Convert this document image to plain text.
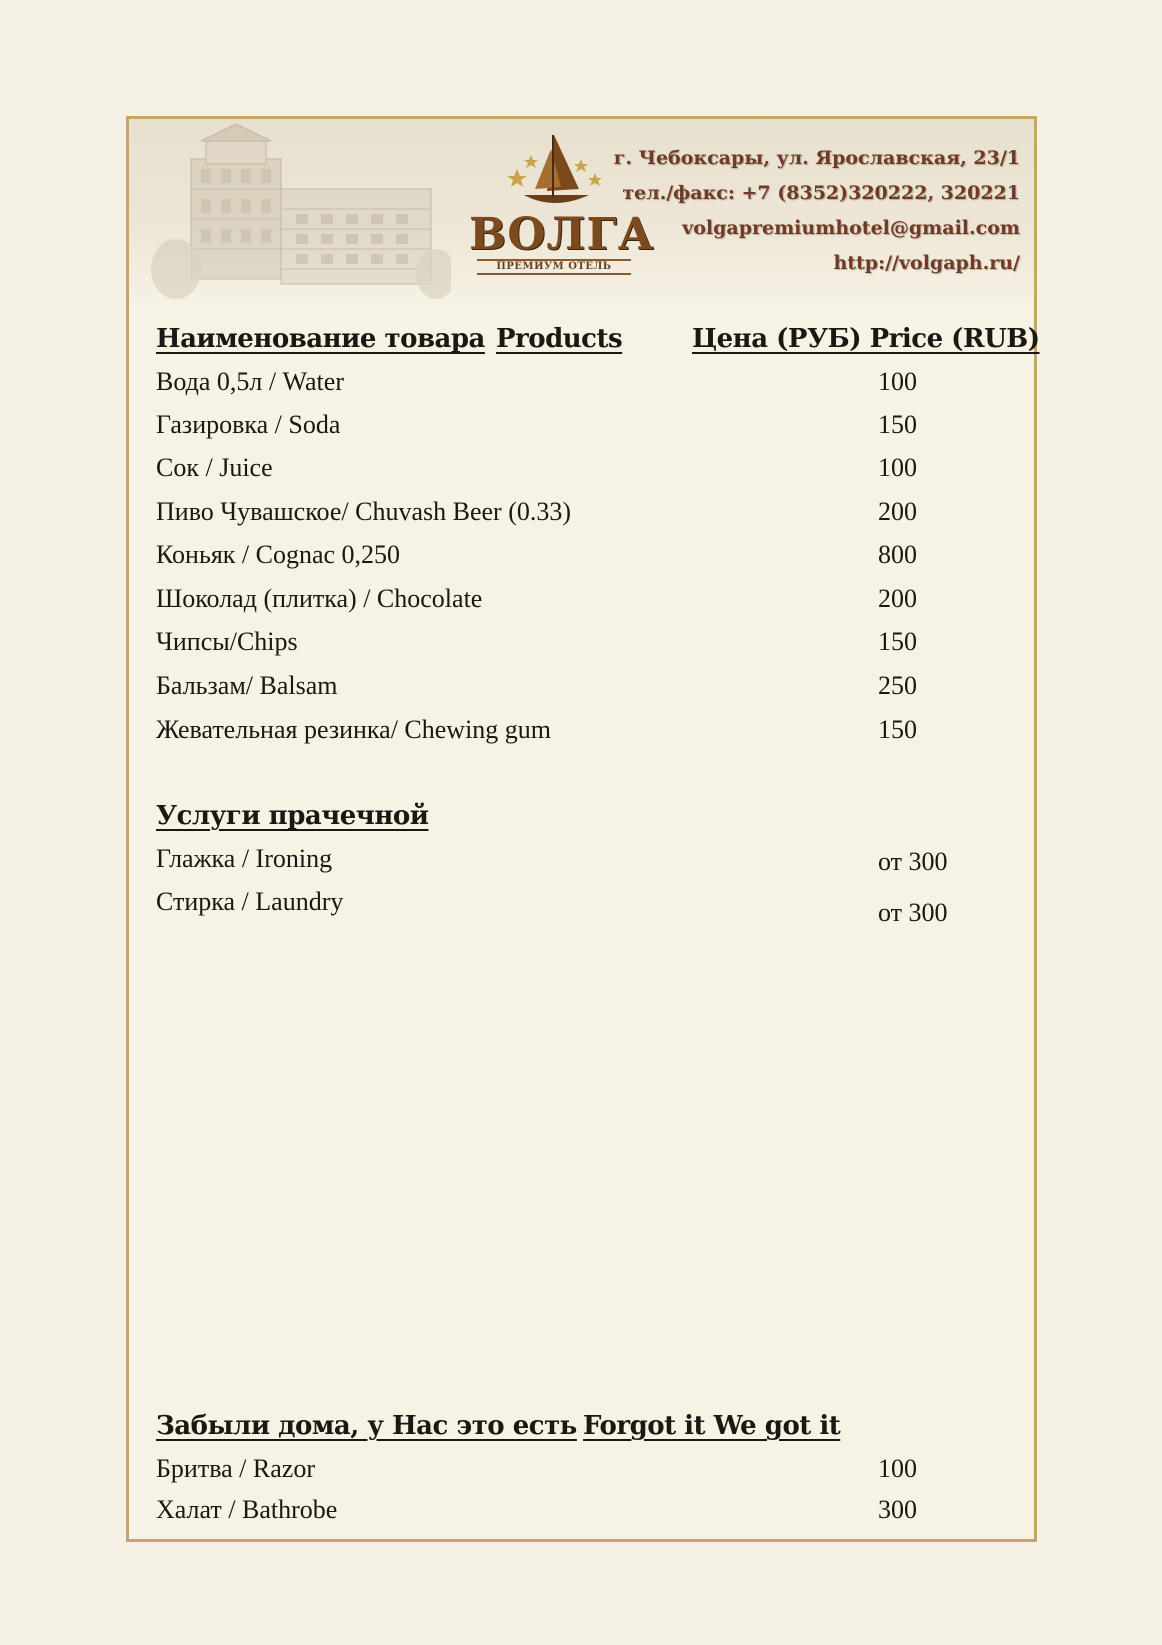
ВОЛГА
ПРЕМИУМ ОТЕЛЬ
г. Чебоксары, ул. Ярославская, 23/1
тел./факс: +7 (8352)320222, 320221
volgapremiumhotel@gmail.com
http://volgaph.ru/
Наименование товара Products	Цена (РУБ) Price (RUB)
Вода 0,5л / Water	100
Газировка / Soda	150
Сок / Juice	100
Пиво Чувашское/ Chuvash Beer (0.33)	200
Коньяк / Cognac 0,250	800
Шоколад (плитка) / Chocolate	200
Чипсы/Chips	150
Бальзам/ Balsam	250
Жевательная резинка/ Chewing gum	150
Услуги прачечной
Глажка / Ironing	от 300
Стирка / Laundry	от 300
Забыли дома, у Нас это есть Forgot it We got it
Бритва / Razor	100
Халат / Bathrobe	300
